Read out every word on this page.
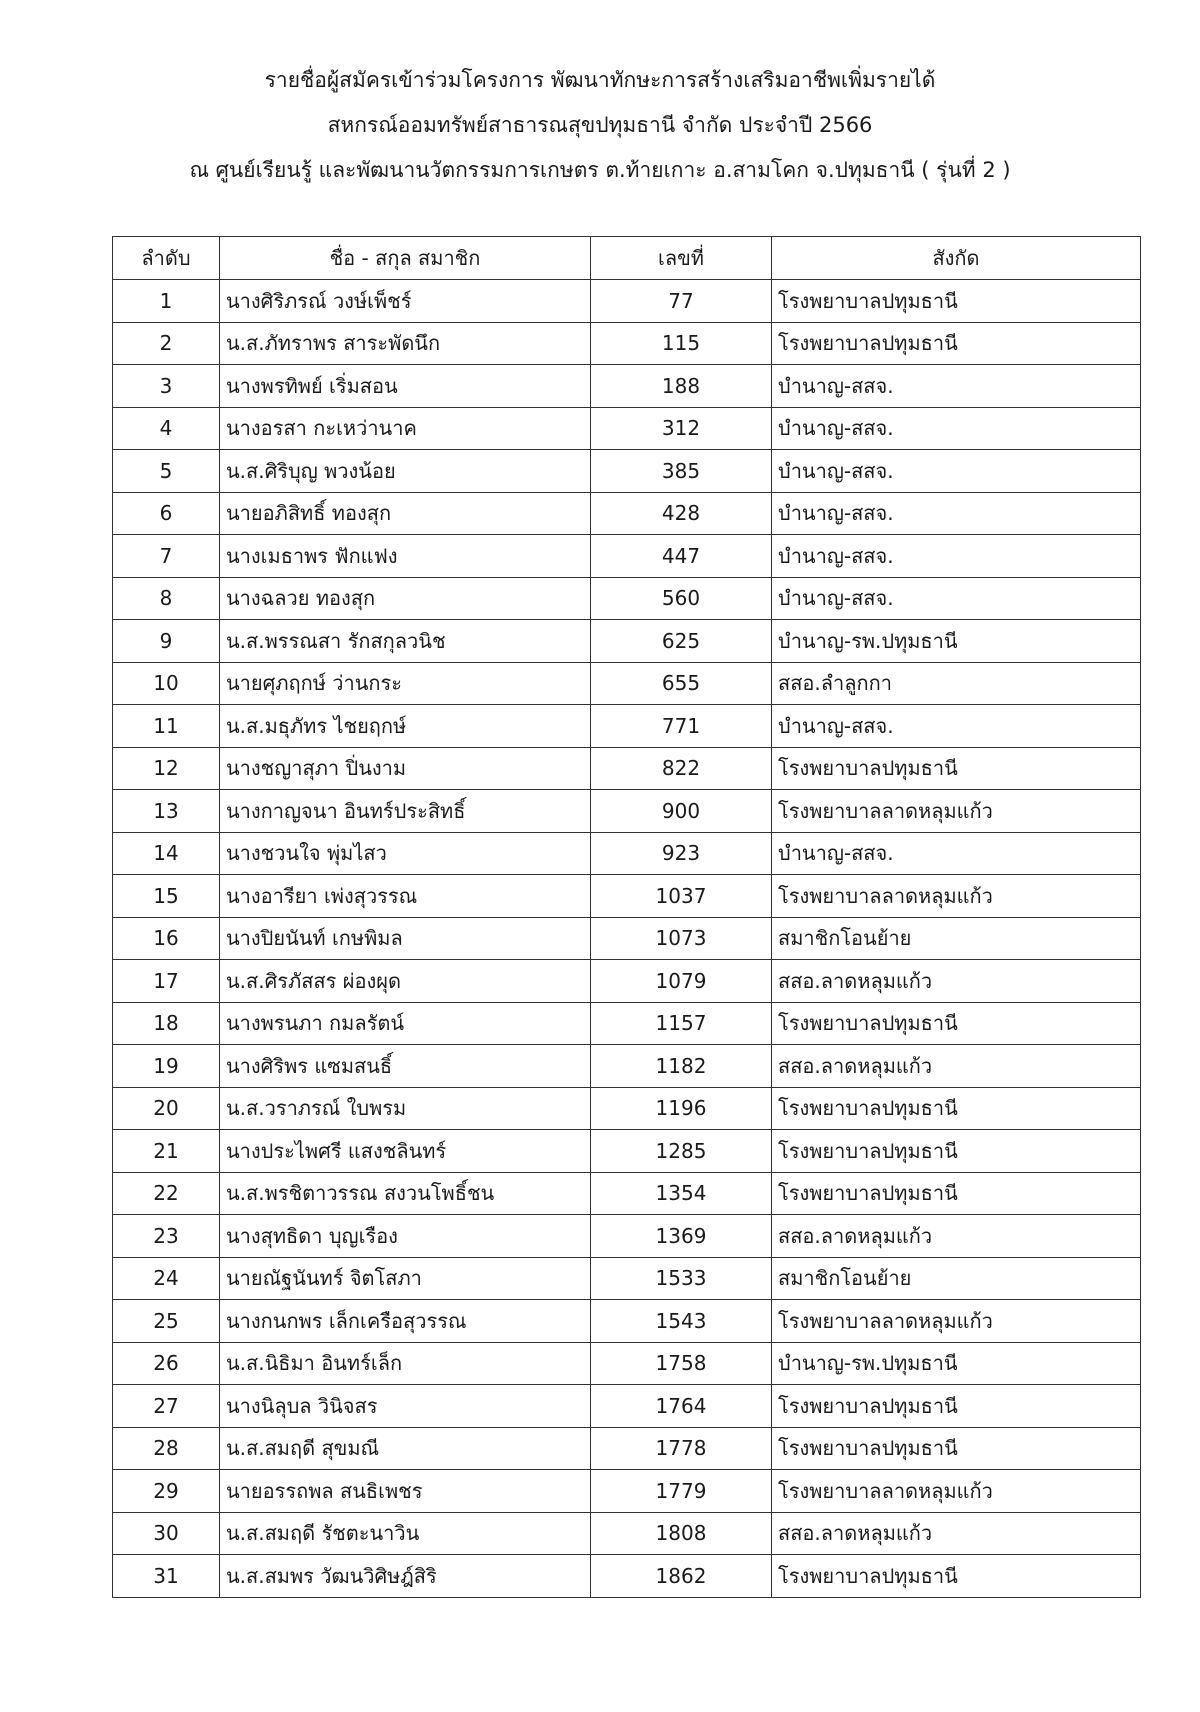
รายชื่อผู้สมัครเข้าร่วมโครงการ พัฒนาทักษะการสร้างเสริมอาชีพเพิ่มรายได้
สหกรณ์ออมทรัพย์สาธารณสุขปทุมธานี จำกัด ประจำปี 2566
ณ ศูนย์เรียนรู้ และพัฒนานวัตกรรมการเกษตร ต.ท้ายเกาะ อ.สามโคก จ.ปทุมธานี ( รุ่นที่ 2 )
ลำดับ	ชื่อ - สกุล สมาชิก	เลขที่	สังกัด
1	นางศิริภรณ์ วงษ์เพ็ชร์	77	โรงพยาบาลปทุมธานี
2	น.ส.ภัทราพร สาระพัดนึก	115	โรงพยาบาลปทุมธานี
3	นางพรทิพย์ เริ่มสอน	188	บำนาญ-สสจ.
4	นางอรสา กะเหว่านาค	312	บำนาญ-สสจ.
5	น.ส.ศิริบุญ พวงน้อย	385	บำนาญ-สสจ.
6	นายอภิสิทธิ์ ทองสุก	428	บำนาญ-สสจ.
7	นางเมธาพร ฟักแฟง	447	บำนาญ-สสจ.
8	นางฉลวย ทองสุก	560	บำนาญ-สสจ.
9	น.ส.พรรณสา รักสกุลวนิช	625	บำนาญ-รพ.ปทุมธานี
10	นายศุภฤกษ์ ว่านกระ	655	สสอ.ลำลูกกา
11	น.ส.มธุภัทร ไชยฤกษ์	771	บำนาญ-สสจ.
12	นางชญาสุภา ปิ่นงาม	822	โรงพยาบาลปทุมธานี
13	นางกาญจนา อินทร์ประสิทธิ์	900	โรงพยาบาลลาดหลุมแก้ว
14	นางชวนใจ พุ่มไสว	923	บำนาญ-สสจ.
15	นางอารียา เพ่งสุวรรณ	1037	โรงพยาบาลลาดหลุมแก้ว
16	นางปิยนันท์ เกษพิมล	1073	สมาชิกโอนย้าย
17	น.ส.ศิรภัสสร ผ่องผุด	1079	สสอ.ลาดหลุมแก้ว
18	นางพรนภา กมลรัตน์	1157	โรงพยาบาลปทุมธานี
19	นางศิริพร แซมสนธิ์	1182	สสอ.ลาดหลุมแก้ว
20	น.ส.วราภรณ์ ใบพรม	1196	โรงพยาบาลปทุมธานี
21	นางประไพศรี แสงชลินทร์	1285	โรงพยาบาลปทุมธานี
22	น.ส.พรชิตาวรรณ สงวนโพธิ์ชน	1354	โรงพยาบาลปทุมธานี
23	นางสุทธิดา บุญเรือง	1369	สสอ.ลาดหลุมแก้ว
24	นายณัฐนันทร์ จิตโสภา	1533	สมาชิกโอนย้าย
25	นางกนกพร เล็กเครือสุวรรณ	1543	โรงพยาบาลลาดหลุมแก้ว
26	น.ส.นิธิมา อินทร์เล็ก	1758	บำนาญ-รพ.ปทุมธานี
27	นางนิลุบล วินิจสร	1764	โรงพยาบาลปทุมธานี
28	น.ส.สมฤดี สุขมณี	1778	โรงพยาบาลปทุมธานี
29	นายอรรถพล สนธิเพชร	1779	โรงพยาบาลลาดหลุมแก้ว
30	น.ส.สมฤดี รัชตะนาวิน	1808	สสอ.ลาดหลุมแก้ว
31	น.ส.สมพร วัฒนวิศิษฎ์สิริ	1862	โรงพยาบาลปทุมธานี
